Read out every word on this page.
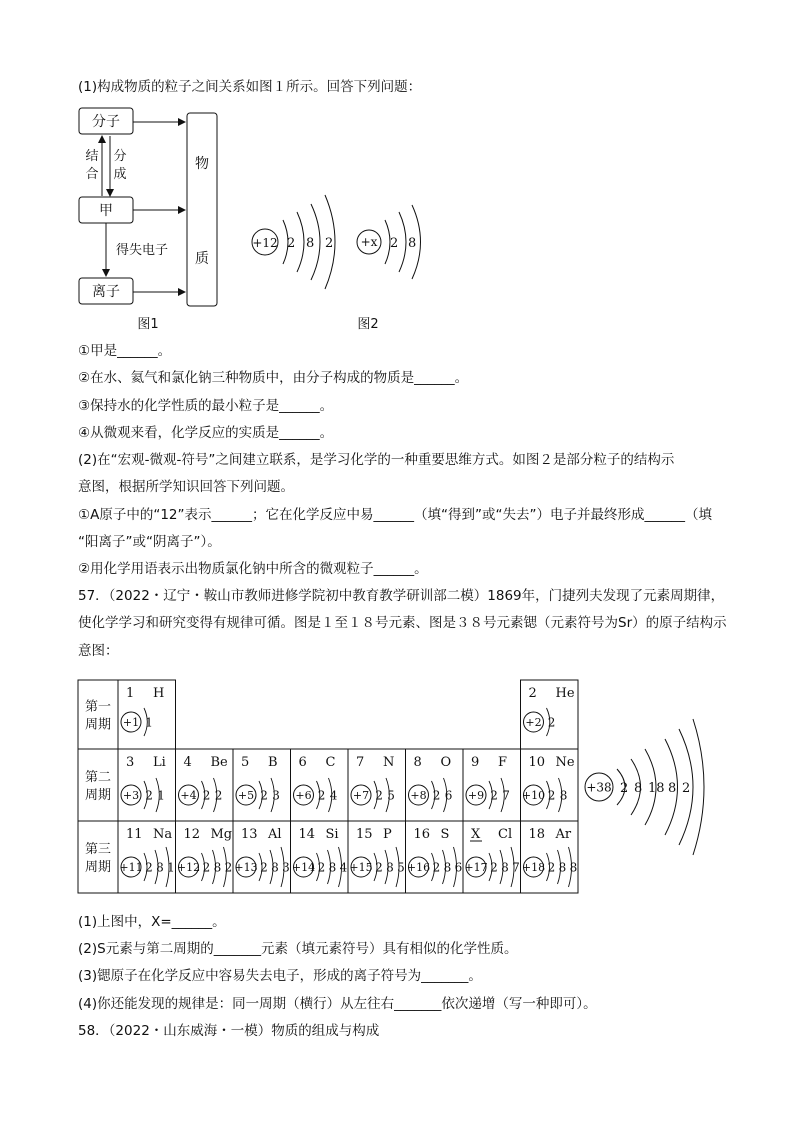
(1)构成物质的粒子之间关系如图１所示。回答下列问题：
分子
甲
离子
物
质
结
合
分
成
得失电子
图1
+12 2 8 2 +x 2 8
图2
①甲是______。
②在水、氦气和氯化钠三种物质中，由分子构成的物质是______。
③保持水的化学性质的最小粒子是______。
④从微观来看，化学反应的实质是______。
(2)在“宏观-微观-符号”之间建立联系，是学习化学的一种重要思维方式。如图２是部分粒子的结构示
意图，根据所学知识回答下列问题。
①A原子中的“12”表示______；它在化学反应中易______（填“得到”或“失去”）电子并最终形成______（填
“阳离子”或“阴离子”）。
②用化学用语表示出物质氯化钠中所含的微观粒子______。
57．（2022・辽宁・鞍山市教师进修学院初中教育教学研训部二模）1869年，门捷列夫发现了元素周期律，
使化学学习和研究变得有规律可循。图是１至１８号元素、图是３８号元素锶（元素符号为Sr）的原子结构示
意图：
第一
周期
第二
周期
第三
周期
1 H
+1 1
2 He
+2 2
3 Li
+3 2 1
4 Be
+4 2 2
5 B
+5 2 3
6 C
+6 2 4
7 N
+7 2 5
8 O
+8 2 6
9 F
+9 2 7
10 Ne
+10 2 8
11 Na
+11 2 8 1
12 Mg
+12 2 8 2
13 Al
+13 2 8 3
14 Si
+14 2 8 4
15 P
+15 2 8 5
16 S
+16 2 8 6
X Cl
+17 2 8 7
18 Ar
+18 2 8 8
+38 2 8 18 8 2
(1)上图中，X=______。
(2)S元素与第二周期的_______元素（填元素符号）具有相似的化学性质。
(3)锶原子在化学反应中容易失去电子，形成的离子符号为_______。
(4)你还能发现的规律是：同一周期（横行）从左往右_______依次递增（写一种即可）。
58．（2022・山东威海・一模）物质的组成与构成
